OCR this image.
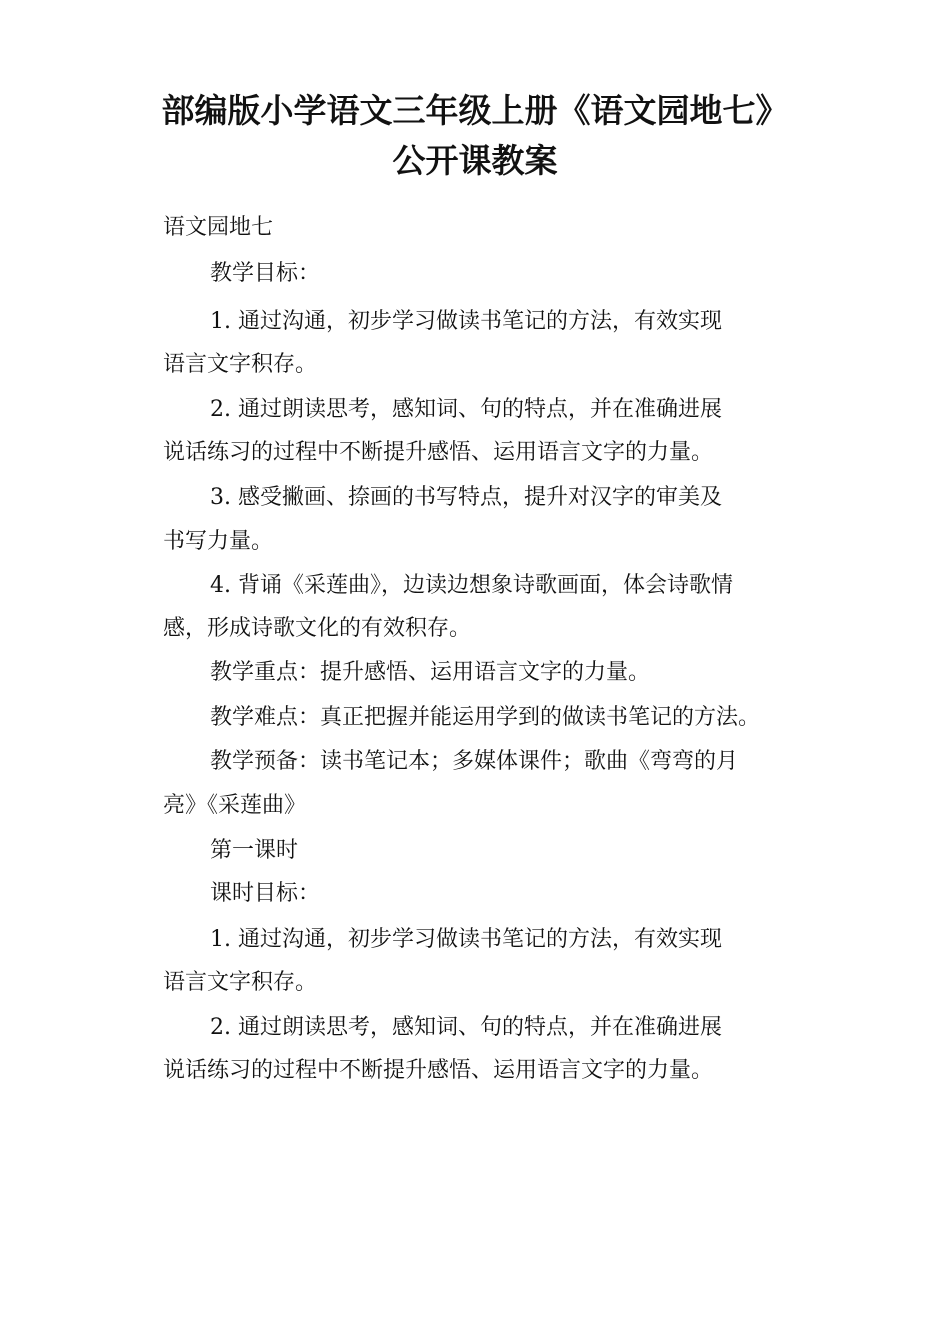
部编版小学语文三年级上册《语文园地七》
公开课教案
语文园地七
教学目标：
1. 通过沟通，初步学习做读书笔记的方法，有效实现
语言文字积存。
2. 通过朗读思考，感知词、句的特点，并在准确进展
说话练习的过程中不断提升感悟、运用语言文字的力量。
3. 感受撇画、捺画的书写特点，提升对汉字的审美及
书写力量。
4. 背诵《采莲曲》，边读边想象诗歌画面，体会诗歌情
感，形成诗歌文化的有效积存。
教学重点：提升感悟、运用语言文字的力量。
教学难点：真正把握并能运用学到的做读书笔记的方法。
教学预备：读书笔记本；多媒体课件；歌曲《弯弯的月
亮》《采莲曲》
第一课时
课时目标：
1. 通过沟通，初步学习做读书笔记的方法，有效实现
语言文字积存。
2. 通过朗读思考，感知词、句的特点，并在准确进展
说话练习的过程中不断提升感悟、运用语言文字的力量。
